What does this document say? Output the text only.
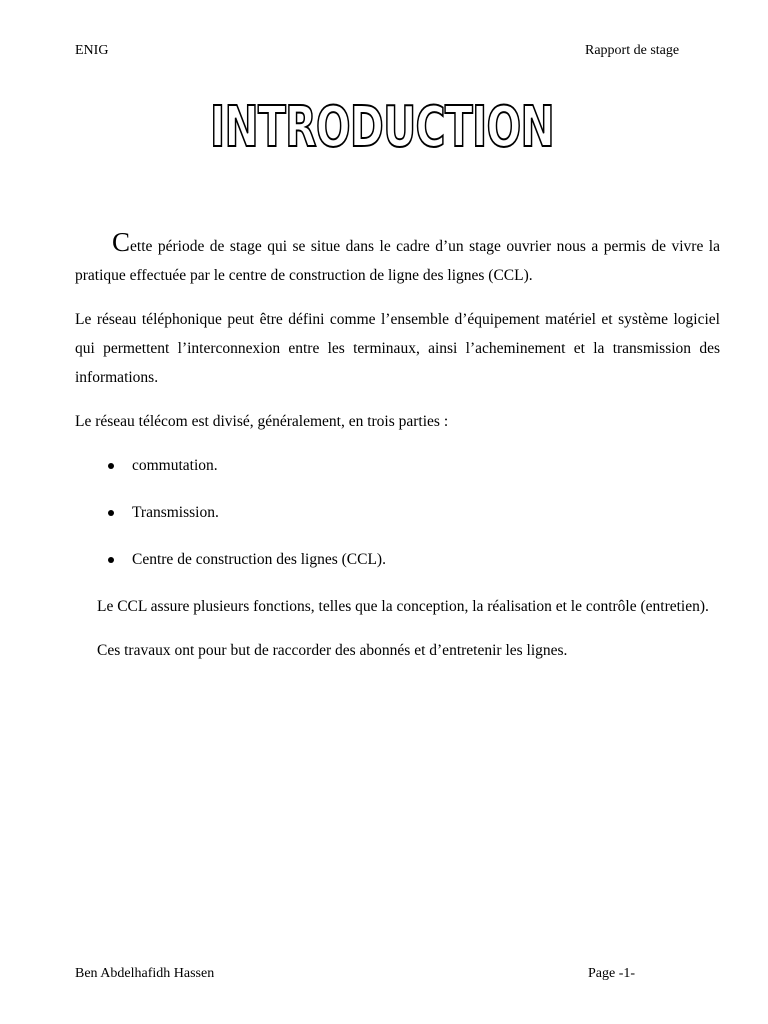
ENIG	Rapport de stage
INTRODUCTION

Cette période de stage qui se situe dans le cadre d’un stage ouvrier nous a permis de vivre la pratique effectuée par le centre de construction de ligne des lignes (CCL).

Le réseau téléphonique peut être défini comme l’ensemble d’équipement matériel et système logiciel qui permettent l’interconnexion entre les terminaux, ainsi l’acheminement et la transmission des informations.

Le réseau télécom est divisé, généralement, en trois parties :

commutation.
Transmission.
Centre de construction des lignes (CCL).

Le CCL assure plusieurs fonctions, telles que la conception, la réalisation et le contrôle (entretien).

Ces travaux ont pour but de raccorder des abonnés et d’entretenir les lignes.

Ben Abdelhafidh Hassen	Page -1-
